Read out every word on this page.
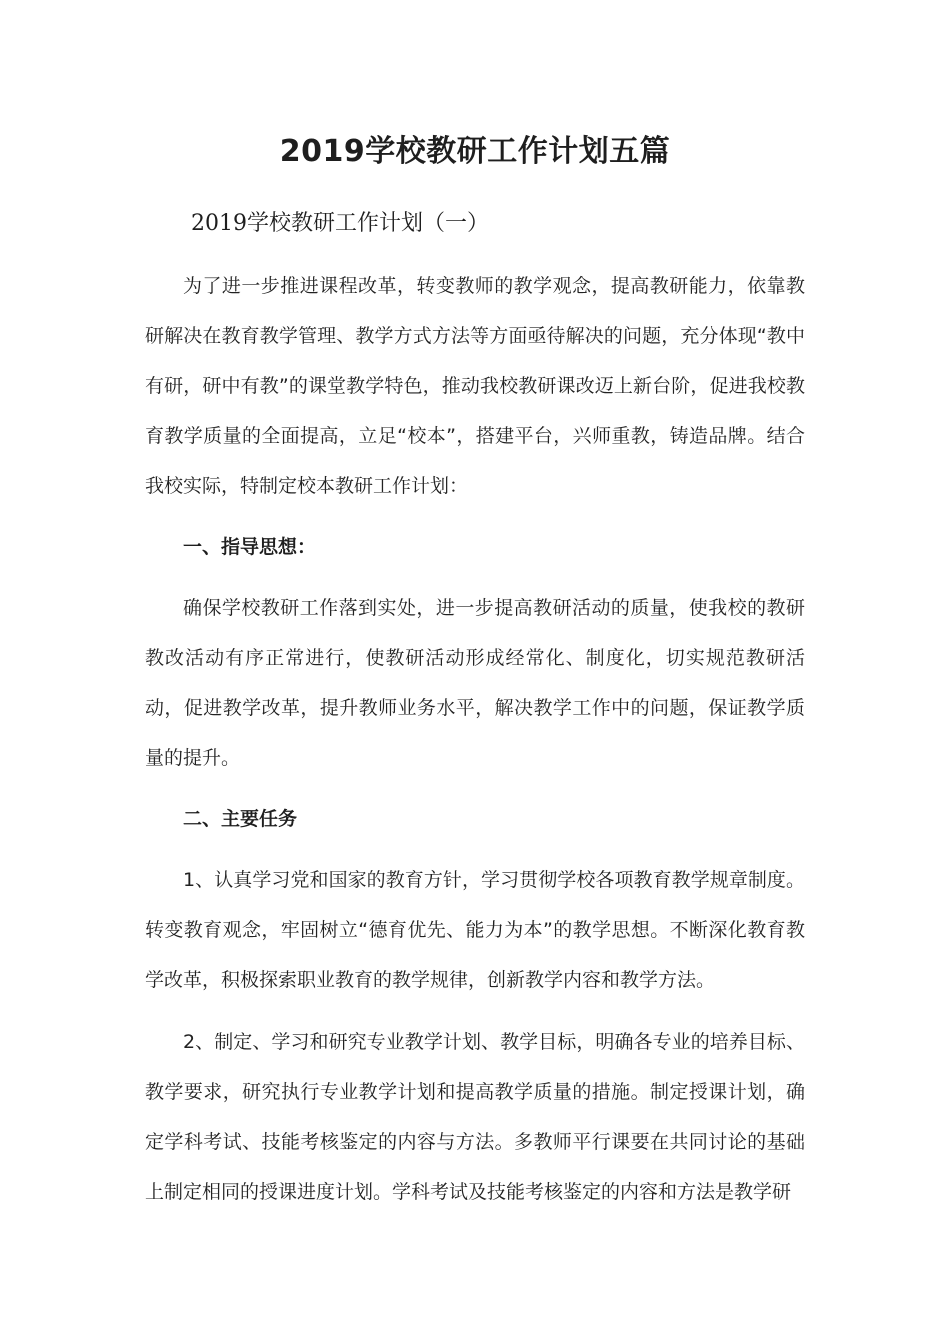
2019学校教研工作计划五篇
2019学校教研工作计划（一）

为了进一步推进课程改革，转变教师的教学观念，提高教研能力，依靠教研解决在教育教学管理、教学方式方法等方面亟待解决的问题，充分体现“教中有研，研中有教”的课堂教学特色，推动我校教研课改迈上新台阶，促进我校教育教学质量的全面提高，立足“校本”，搭建平台，兴师重教，铸造品牌。结合我校实际，特制定校本教研工作计划：

一、指导思想：

确保学校教研工作落到实处，进一步提高教研活动的质量，使我校的教研教改活动有序正常进行，使教研活动形成经常化、制度化，切实规范教研活动，促进教学改革，提升教师业务水平，解决教学工作中的问题，保证教学质量的提升。

二、主要任务

1、认真学习党和国家的教育方针，学习贯彻学校各项教育教学规章制度。转变教育观念，牢固树立“德育优先、能力为本”的教学思想。不断深化教育教学改革，积极探索职业教育的教学规律，创新教学内容和教学方法。

2、制定、学习和研究专业教学计划、教学目标，明确各专业的培养目标、教学要求，研究执行专业教学计划和提高教学质量的措施。制定授课计划，确定学科考试、技能考核鉴定的内容与方法。多教师平行课要在共同讨论的基础上制定相同的授课进度计划。学科考试及技能考核鉴定的内容和方法是教学研
